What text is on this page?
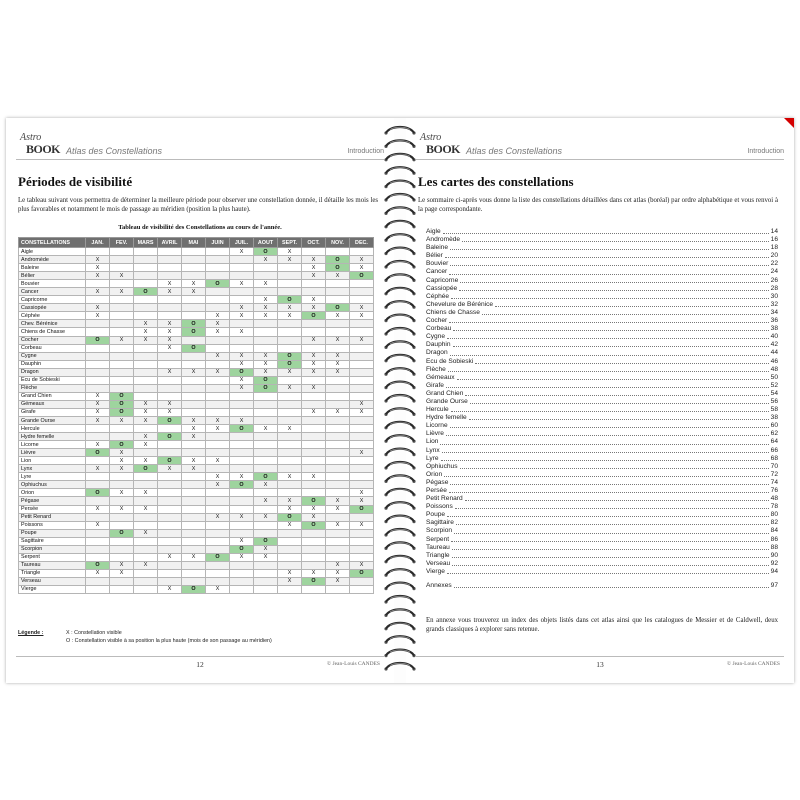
Astro
BOOK Atlas des Constellations	Introduction
Périodes de visibilité
Le tableau suivant vous permettra de déterminer la meilleure période pour observer une constellation donnée, il détaille les mois les plus favorables et notamment le mois de passage au méridien (position la plus haute).
Tableau de visibilité des Constellations au cours de l'année.
CONSTELLATIONS	JAN.	FEV.	MARS	AVRIL	MAI	JUIN	JUIL.	AOUT	SEPT.	OCT.	NOV.	DEC.
Aigle							X	O	X			
Andromède	X							X	X	X	O	X
Baleine	X									X	O	X
Bélier	X	X								X	X	O
Bouvier				X	X	O	X	X				
Cancer	X	X	O	X	X							
Capricorne								X	O	X		
Cassiopée	X						X	X	X	X	O	X
Céphée	X					X	X	X	X	O	X	X
Chev. Bérénice			X	X	O	X						
Chiens de Chasse			X	X	O	X	X					
Cocher	O	X	X	X						X	X	X
Corbeau				X	O							
Cygne						X	X	X	O	X	X	
Dauphin							X	X	O	X	X	
Dragon				X	X	X	O	X	X	X	X	
Ecu de Sobieski							X	O				
Flèche							X	O	X	X		
Grand Chien	X	O										
Gémeaux	X	O	X	X								X
Girafe	X	O	X	X						X	X	X
Grande Ourse	X	X	X	O	X	X	X					
Hercule					X	X	O	X	X			
Hydre femelle			X	O	X							
Licorne	X	O	X									
Lièvre	O	X										X
Lion		X	X	O	X	X						
Lynx	X	X	O	X	X							
Lyre						X	X	O	X	X		
Ophiuchus						X	O	X				
Orion	O	X	X									X
Pégase								X	X	O	X	X
Persée	X	X	X						X	X	X	O
Petit Renard						X	X	X	O	X		
Poissons	X								X	O	X	X
Poupe		O	X									
Sagittaire							X	O				
Scorpion							O	X				
Serpent				X	X	O	X	X				
Taureau	O	X	X								X	X
Triangle	X	X							X	X	X	O
Verseau									X	O	X	
Vierge				X	O	X						
Légende :	X : Constellation visible
O : Constellation visible à sa position la plus haute (mois de son passage au méridien)
12	© Jean-Louis CANDES
Astro
BOOK Atlas des Constellations	Introduction
Les cartes des constellations
Le sommaire ci-après vous donne la liste des constellations détaillées dans cet atlas (boréal) par ordre alphabétique et vous renvoi à la page correspondante.
Aigle	14
Andromède	16
Baleine	18
Bélier	20
Bouvier	22
Cancer	24
Capricorne	26
Cassiopée	28
Céphée	30
Chevelure de Bérénice	32
Chiens de Chasse	34
Cocher	36
Corbeau	38
Cygne	40
Dauphin	42
Dragon	44
Ecu de Sobieski	46
Flèche	48
Gémeaux	50
Girafe	52
Grand Chien	54
Grande Ourse	56
Hercule	58
Hydre femelle	38
Licorne	60
Lièvre	62
Lion	64
Lynx	66
Lyre	68
Ophiuchus	70
Orion	72
Pégase	74
Persée	76
Petit Renard	48
Poissons	78
Poupe	80
Sagittaire	82
Scorpion	84
Serpent	86
Taureau	88
Triangle	90
Verseau	92
Vierge	94
Annexes	97
En annexe vous trouverez un index des objets listés dans cet atlas ainsi que les catalogues de Messier et de Caldwell, deux grands classiques à explorer sans retenue.
13	© Jean-Louis CANDES
